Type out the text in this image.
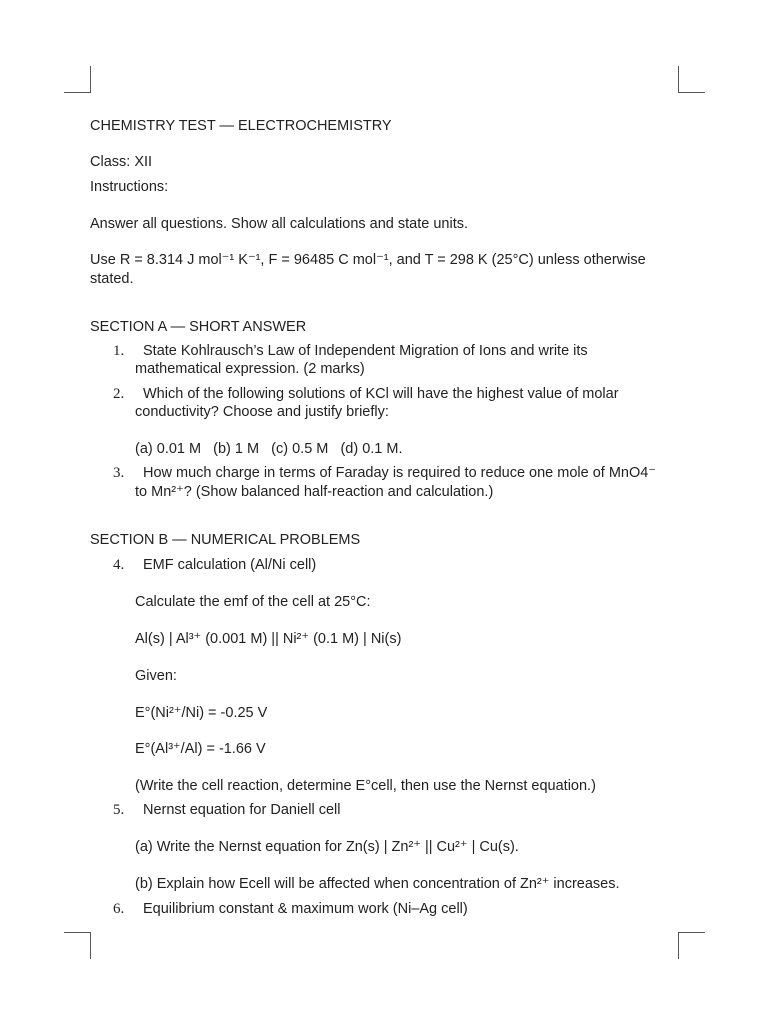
CHEMISTRY TEST — ELECTROCHEMISTRY
Class: XII
Instructions:
Answer all questions. Show all calculations and state units.
Use R = 8.314 J mol⁻¹ K⁻¹, F = 96485 C mol⁻¹, and T = 298 K (25°C) unless otherwise
stated.
SECTION A — SHORT ANSWER
1. State Kohlrausch’s Law of Independent Migration of Ions and write its
mathematical expression. (2 marks)
2. Which of the following solutions of KCl will have the highest value of molar
conductivity? Choose and justify briefly:
(a) 0.01 M   (b) 1 M   (c) 0.5 M   (d) 0.1 M.
3. How much charge in terms of Faraday is required to reduce one mole of MnO4⁻
to Mn²⁺? (Show balanced half-reaction and calculation.)
SECTION B — NUMERICAL PROBLEMS
4. EMF calculation (Al/Ni cell)
Calculate the emf of the cell at 25°C:
Al(s) | Al³⁺ (0.001 M) || Ni²⁺ (0.1 M) | Ni(s)
Given:
E°(Ni²⁺/Ni) = -0.25 V
E°(Al³⁺/Al) = -1.66 V
(Write the cell reaction, determine E°cell, then use the Nernst equation.)
5. Nernst equation for Daniell cell
(a) Write the Nernst equation for Zn(s) | Zn²⁺ || Cu²⁺ | Cu(s).
(b) Explain how Ecell will be affected when concentration of Zn²⁺ increases.
6. Equilibrium constant & maximum work (Ni–Ag cell)
